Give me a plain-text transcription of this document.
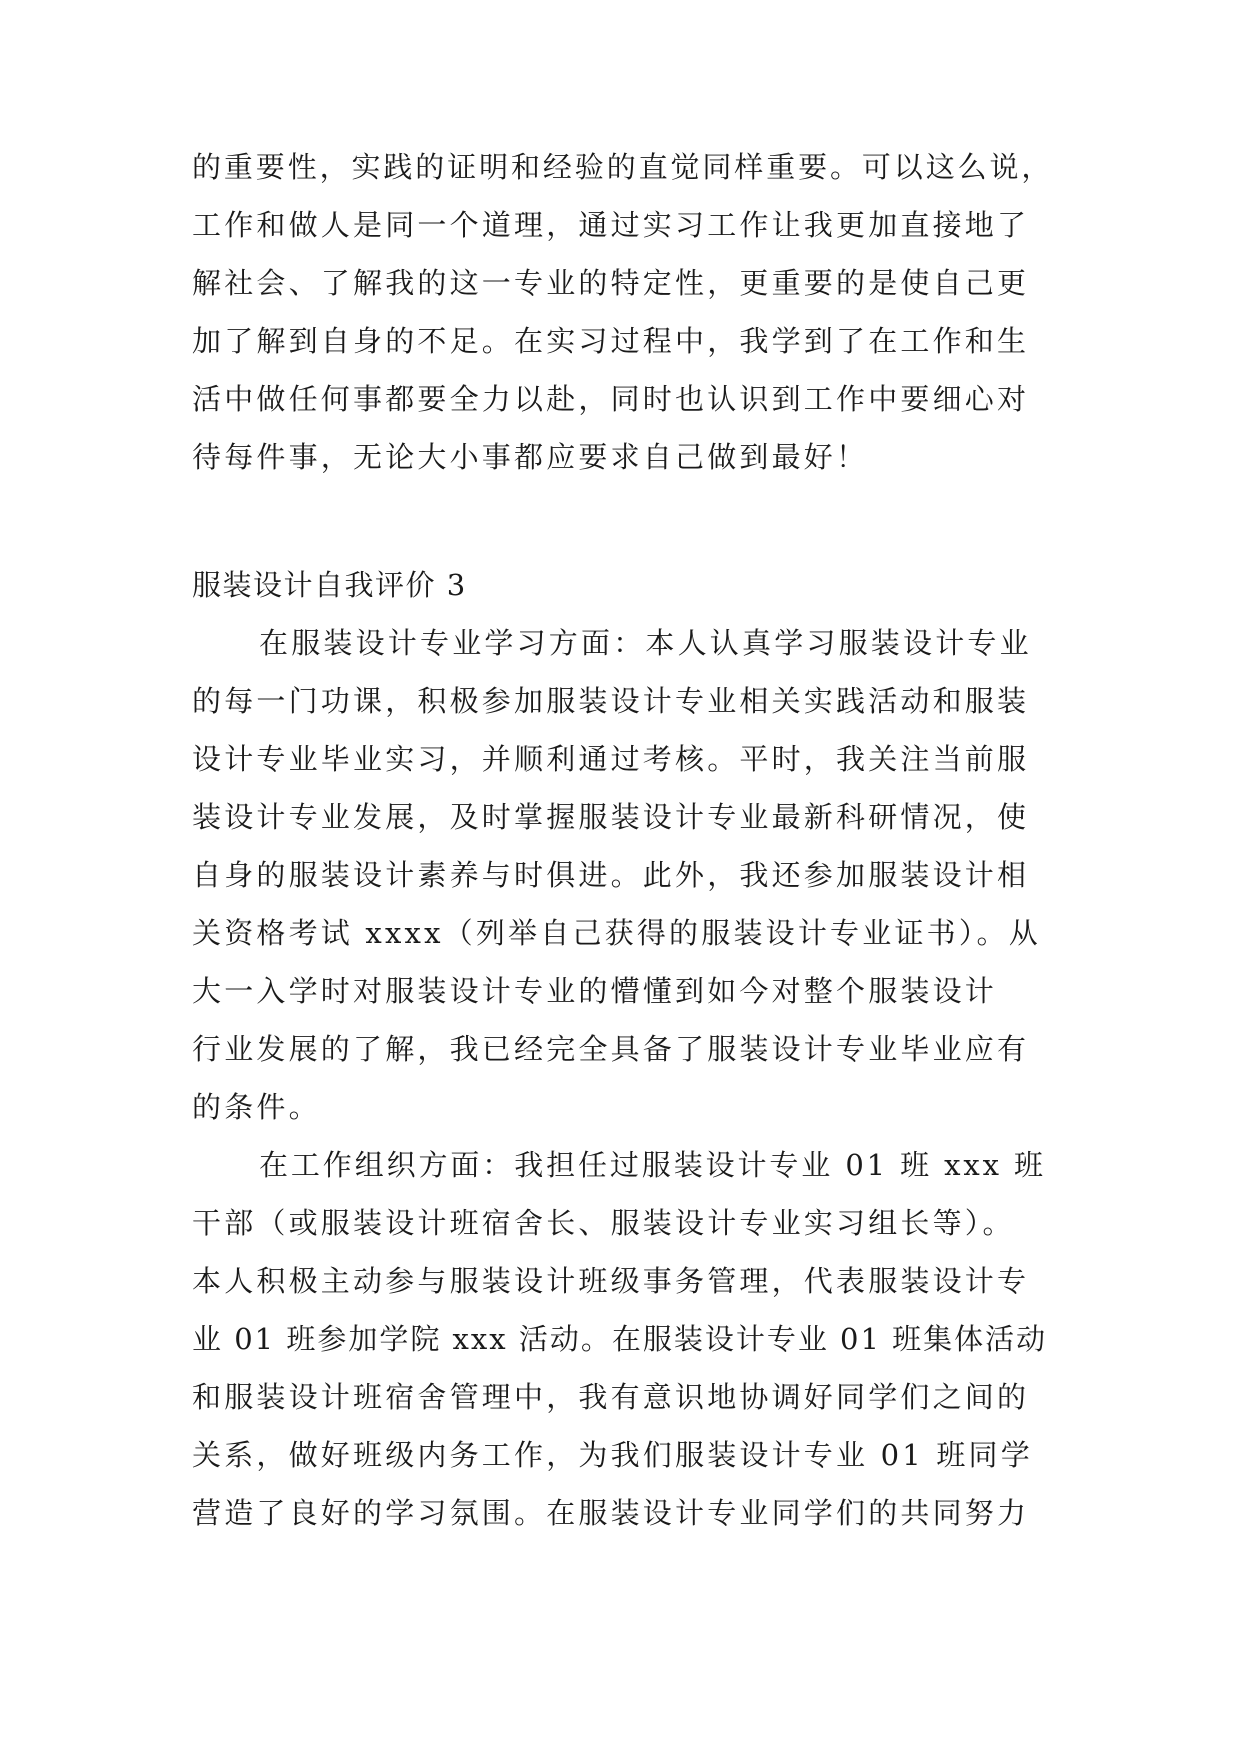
的重要性，实践的证明和经验的直觉同样重要。可以这么说，
工作和做人是同一个道理，通过实习工作让我更加直接地了
解社会、了解我的这一专业的特定性，更重要的是使自己更
加了解到自身的不足。在实习过程中，我学到了在工作和生
活中做任何事都要全力以赴，同时也认识到工作中要细心对
待每件事，无论大小事都应要求自己做到最好！
服装设计自我评价 3
在服装设计专业学习方面：本人认真学习服装设计专业
的每一门功课，积极参加服装设计专业相关实践活动和服装
设计专业毕业实习，并顺利通过考核。平时，我关注当前服
装设计专业发展，及时掌握服装设计专业最新科研情况，使
自身的服装设计素养与时俱进。此外，我还参加服装设计相
关资格考试 xxxx（列举自己获得的服装设计专业证书）。从
大一入学时对服装设计专业的懵懂到如今对整个服装设计
行业发展的了解，我已经完全具备了服装设计专业毕业应有
的条件。
在工作组织方面：我担任过服装设计专业 01 班 xxx 班
干部（或服装设计班宿舍长、服装设计专业实习组长等）。
本人积极主动参与服装设计班级事务管理，代表服装设计专
业 01 班参加学院 xxx 活动。在服装设计专业 01 班集体活动
和服装设计班宿舍管理中，我有意识地协调好同学们之间的
关系，做好班级内务工作，为我们服装设计专业 01 班同学
营造了良好的学习氛围。在服装设计专业同学们的共同努力
